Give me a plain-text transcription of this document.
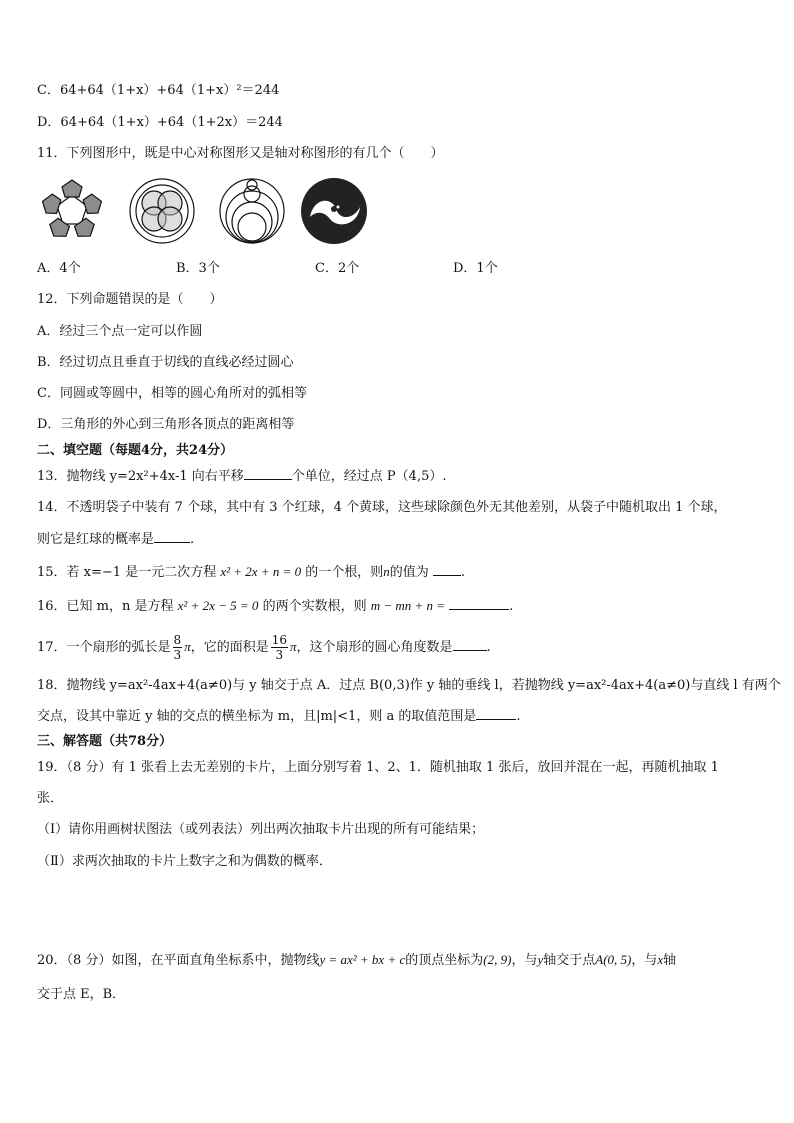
C．64+64（1+x）+64（1+x）²＝244
D．64+64（1+x）+64（1+2x）＝244
11．下列图形中，既是中心对称图形又是轴对称图形的有几个（　　）
A．4个	B．3个	C．2个	D．1个
12．下列命题错误的是（　　）
A．经过三个点一定可以作圆
B．经过切点且垂直于切线的直线必经过圆心
C．同圆或等圆中，相等的圆心角所对的弧相等
D．三角形的外心到三角形各顶点的距离相等
二、填空题（每题4分，共24分）
13．抛物线 y=2x²+4x-1 向右平移	个单位，经过点 P（4,5）.
14．不透明袋子中装有 7 个球，其中有 3 个红球，4 个黄球，这些球除颜色外无其他差别，从袋子中随机取出 1 个球，
则它是红球的概率是	.
15．若 x=−1 是一元二次方程 x² + 2x + n = 0 的一个根，则n的值为 .
16．已知 m，n 是方程 x² + 2x − 5 = 0 的两个实数根，则 m − mn + n =	.
17．一个扇形的弧长是 $\frac{8}{3}$ π，它的面积是 $\frac{16}{3}$ π，这个扇形的圆心角度数是	.
18．抛物线 y=ax²-4ax+4(a≠0)与 y 轴交于点 A．过点 B(0,3)作 y 轴的垂线 l，若抛物线 y=ax²-4ax+4(a≠0)与直线 l 有两个
交点，设其中靠近 y 轴的交点的横坐标为 m，且|m|<1，则 a 的取值范围是	.
三、解答题（共78分）
19．（8 分）有 1 张看上去无差别的卡片，上面分别写着 1、2、1．随机抽取 1 张后，放回并混在一起，再随机抽取 1
张．
（Ⅰ）请你用画树状图法（或列表法）列出两次抽取卡片出现的所有可能结果；
（Ⅱ）求两次抽取的卡片上数字之和为偶数的概率．
20．（8 分）如图，在平面直角坐标系中，抛物线y = ax² + bx + c的顶点坐标为(2, 9)，与y轴交于点A(0, 5)，与x轴
交于点 E，B．
